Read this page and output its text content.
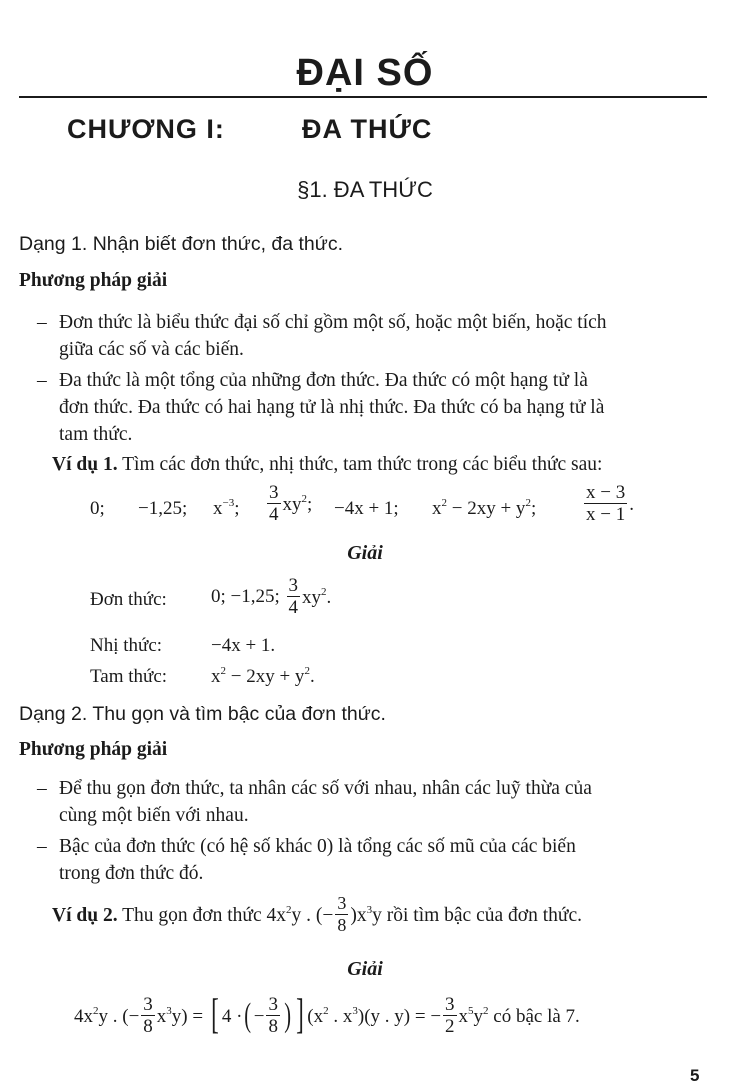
ĐẠI SỐ
CHƯƠNG I:	ĐA THỨC
§1. ĐA THỨC
Dạng 1. Nhận biết đơn thức, đa thức.
Phương pháp giải
– Đơn thức là biểu thức đại số chỉ gồm một số, hoặc một biến, hoặc tích
giữa các số và các biến.
– Đa thức là một tổng của những đơn thức. Đa thức có một hạng tử là
đơn thức. Đa thức có hai hạng tử là nhị thức. Đa thức có ba hạng tử là
tam thức.
Ví dụ 1. Tìm các đơn thức, nhị thức, tam thức trong các biểu thức sau:
0; −1,25; $x^{-3}$; $\frac{3}{4} xy^2$; −4x + 1; $x^2 - 2xy + y^2$;	$\frac{x - 3}{x - 1}$ .
Giải
Đơn thức: 0; −1,25; $\frac{3}{4} xy^2$.
Nhị thức:	−4x + 1.
Tam thức: $x^2 - 2xy + y^2$.
Dạng 2. Thu gọn và tìm bậc của đơn thức.
Phương pháp giải
– Để thu gọn đơn thức, ta nhân các số với nhau, nhân các luỹ thừa của
cùng một biến với nhau.
– Bậc của đơn thức (có hệ số khác 0) là tổng các số mũ của các biến
trong đơn thức đó.
Ví dụ 2. Thu gọn đơn thức $4x^2y$ . (− $\frac{3}{8} )x^3y$ rồi tìm bậc của đơn thức.
Giải
$4x^2y$ . (− $\frac{3}{8} x^3y$) = [ 4 ·( − $\frac{3}{8}$ ) ] ($x^2$ . $x^3)(y$ . y) = − $\frac{3}{2} x^5y^2$ có bậc là 7.
5
